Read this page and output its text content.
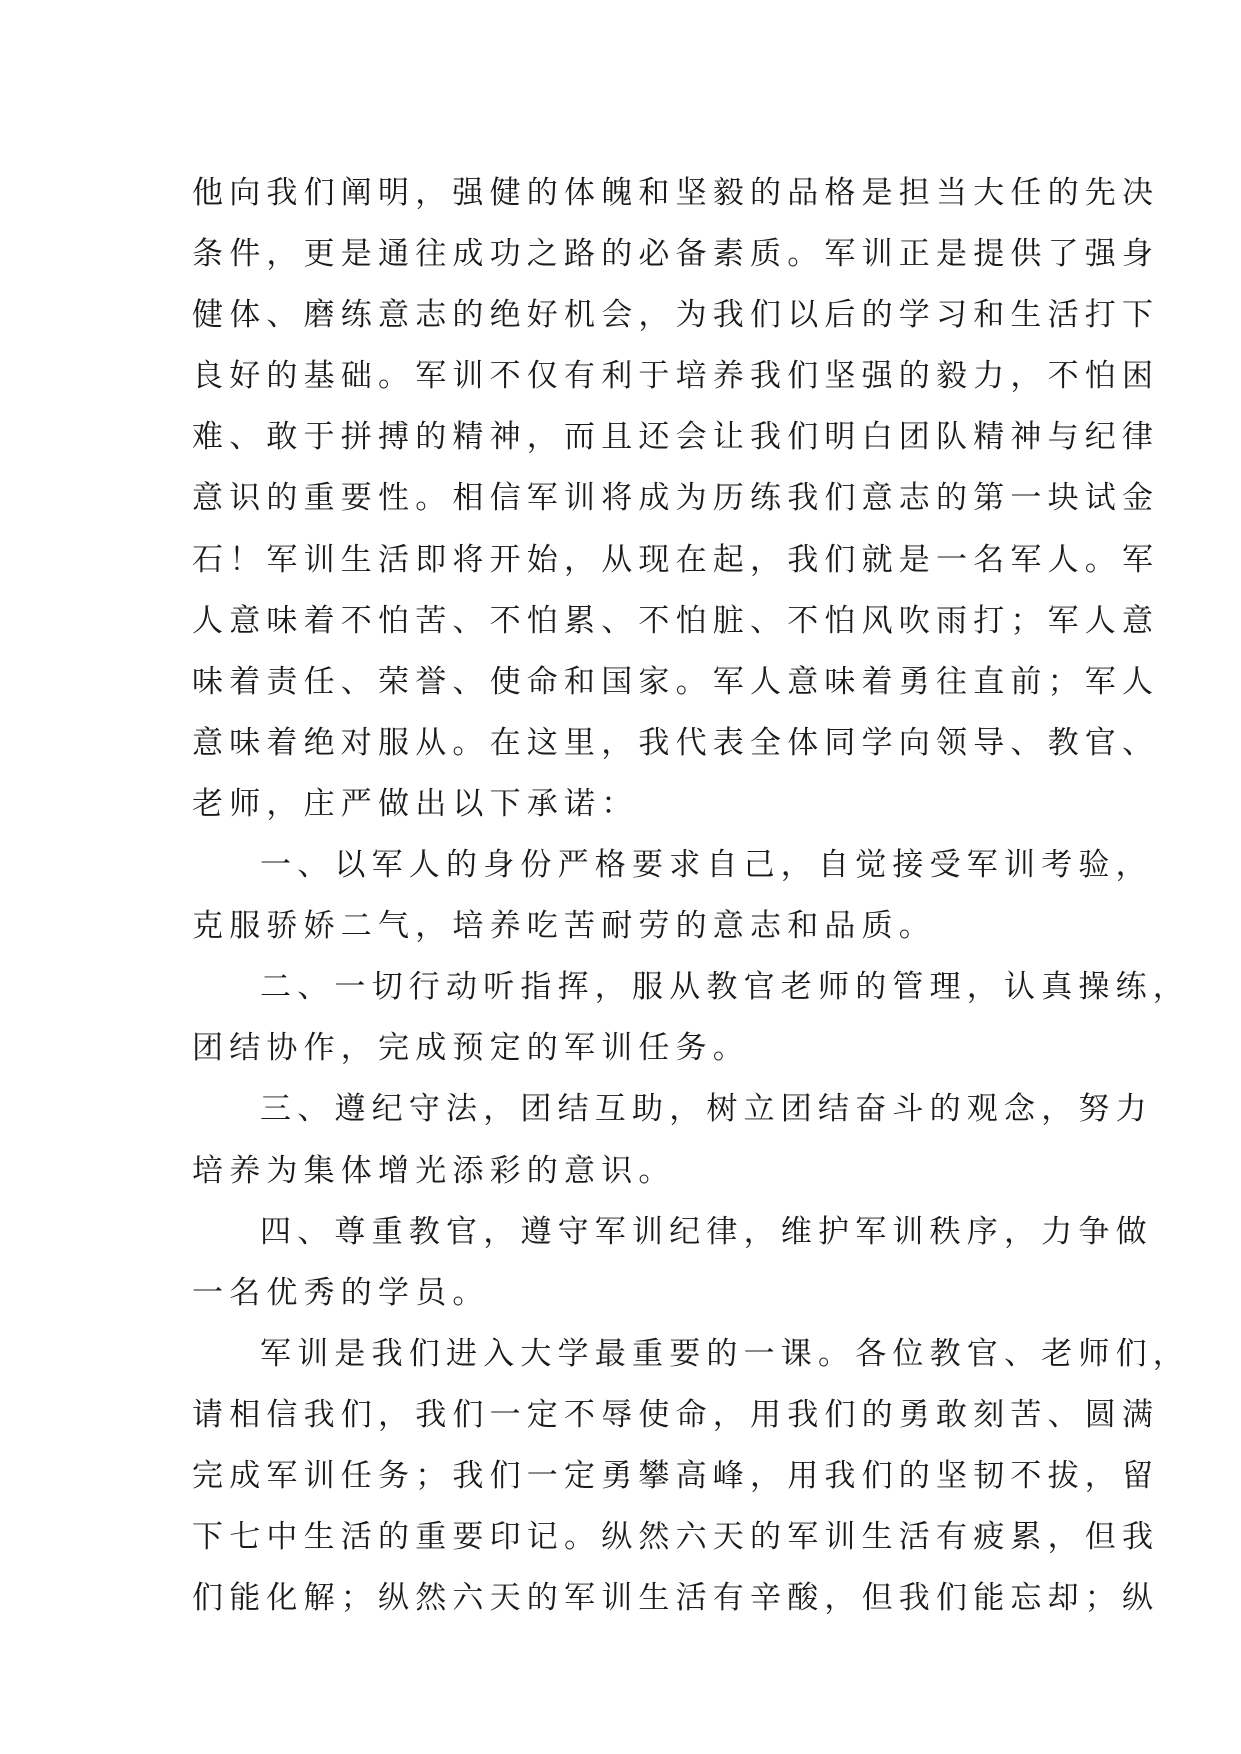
他向我们阐明，强健的体魄和坚毅的品格是担当大任的先决
条件，更是通往成功之路的必备素质。军训正是提供了强身
健体、磨练意志的绝好机会，为我们以后的学习和生活打下
良好的基础。军训不仅有利于培养我们坚强的毅力，不怕困
难、敢于拼搏的精神，而且还会让我们明白团队精神与纪律
意识的重要性。相信军训将成为历练我们意志的第一块试金
石！军训生活即将开始，从现在起，我们就是一名军人。军
人意味着不怕苦、不怕累、不怕脏、不怕风吹雨打；军人意
味着责任、荣誉、使命和国家。军人意味着勇往直前；军人
意味着绝对服从。在这里，我代表全体同学向领导、教官、
老师，庄严做出以下承诺：
一、以军人的身份严格要求自己，自觉接受军训考验，
克服骄娇二气，培养吃苦耐劳的意志和品质。
二、一切行动听指挥，服从教官老师的管理，认真操练，
团结协作，完成预定的军训任务。
三、遵纪守法，团结互助，树立团结奋斗的观念，努力
培养为集体增光添彩的意识。
四、尊重教官，遵守军训纪律，维护军训秩序，力争做
一名优秀的学员。
军训是我们进入大学最重要的一课。各位教官、老师们，
请相信我们，我们一定不辱使命，用我们的勇敢刻苦、圆满
完成军训任务；我们一定勇攀高峰，用我们的坚韧不拔，留
下七中生活的重要印记。纵然六天的军训生活有疲累，但我
们能化解；纵然六天的军训生活有辛酸，但我们能忘却；纵
